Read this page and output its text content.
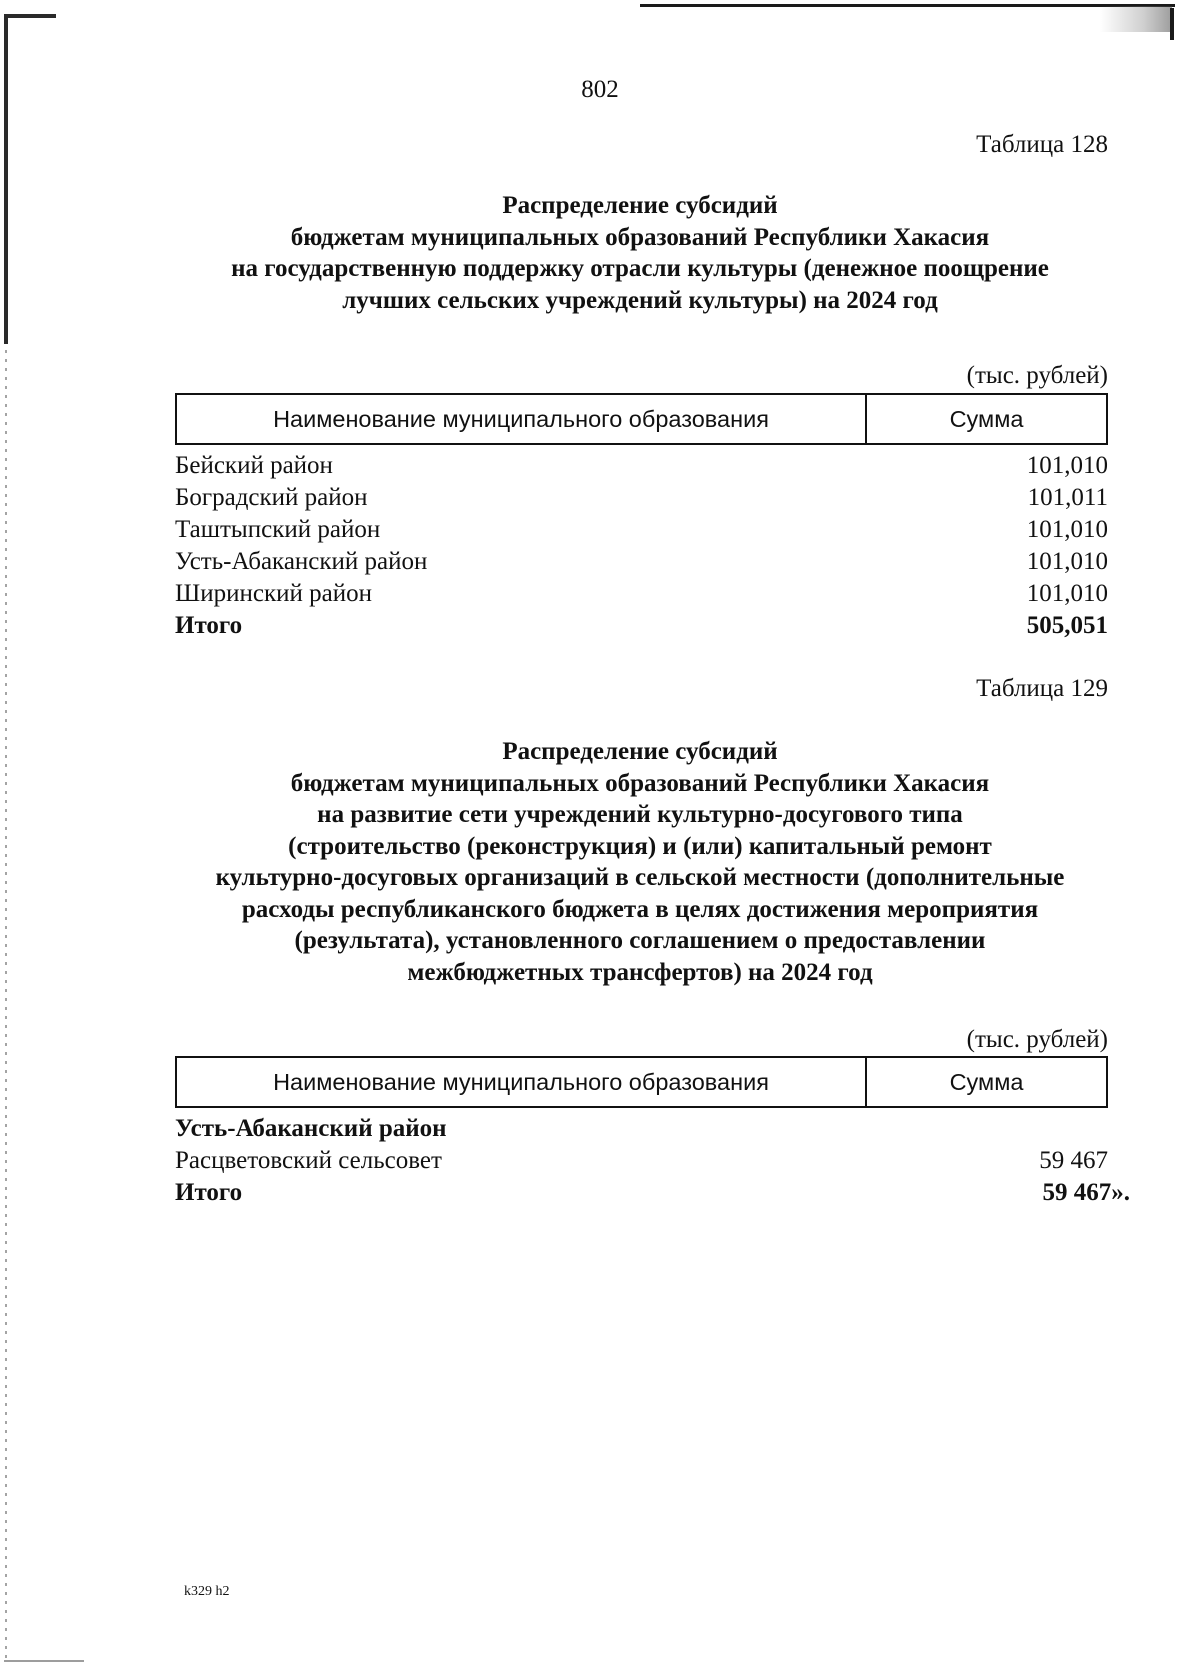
802
Таблица 128
Распределение субсидий
бюджетам муниципальных образований Республики Хакасия
на государственную поддержку отрасли культуры (денежное поощрение
лучших сельских учреждений культуры) на 2024 год
(тыс. рублей)
Наименование муниципального образования	Сумма
Бейский район	101,010
Боградский район	101,011
Таштыпский район	101,010
Усть-Абаканский район	101,010
Ширинский район	101,010
Итого	505,051
Таблица 129
Распределение субсидий
бюджетам муниципальных образований Республики Хакасия
на развитие сети учреждений культурно-досугового типа
(строительство (реконструкция) и (или) капитальный ремонт
культурно-досуговых организаций в сельской местности (дополнительные
расходы республиканского бюджета в целях достижения мероприятия
(результата), установленного соглашением о предоставлении
межбюджетных трансфертов) на 2024 год
(тыс. рублей)
Наименование муниципального образования	Сумма
Усть-Абаканский район
Расцветовский сельсовет	59 467
Итого	59 467».
k329 h2
